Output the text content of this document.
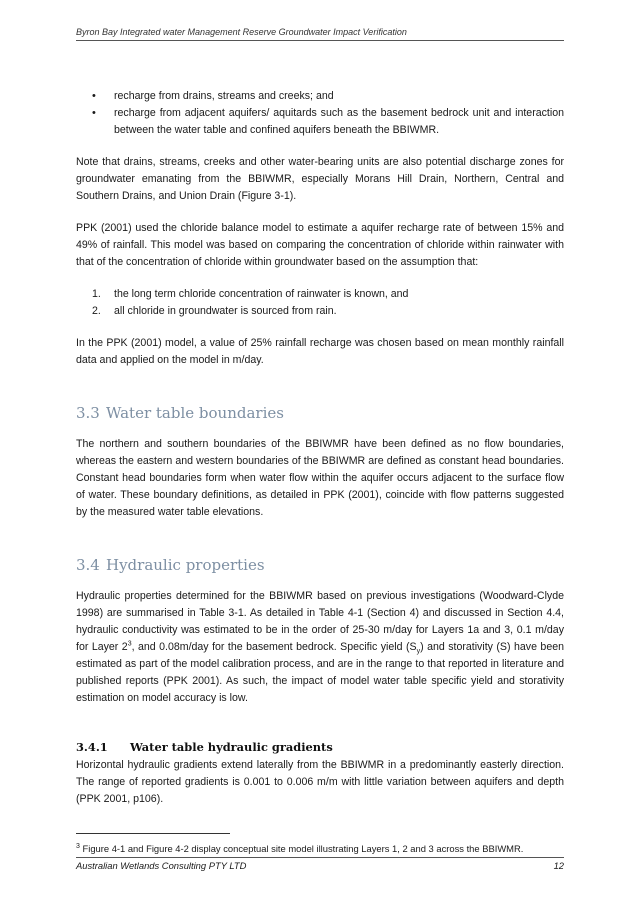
Byron Bay Integrated water Management Reserve Groundwater Impact Verification
• recharge from drains, streams and creeks; and
• recharge from adjacent aquifers/ aquitards such as the basement bedrock unit and interaction between the water table and confined aquifers beneath the BBIWMR.

Note that drains, streams, creeks and other water-bearing units are also potential discharge zones for groundwater emanating from the BBIWMR, especially Morans Hill Drain, Northern, Central and Southern Drains, and Union Drain (Figure 3-1).

PPK (2001) used the chloride balance model to estimate a aquifer recharge rate of between 15% and 49% of rainfall. This model was based on comparing the concentration of chloride within rainwater with that of the concentration of chloride within groundwater based on the assumption that:

1. the long term chloride concentration of rainwater is known, and
2. all chloride in groundwater is sourced from rain.

In the PPK (2001) model, a value of 25% rainfall recharge was chosen based on mean monthly rainfall data and applied on the model in m/day.

3.3 Water table boundaries

The northern and southern boundaries of the BBIWMR have been defined as no flow boundaries, whereas the eastern and western boundaries of the BBIWMR are defined as constant head boundaries. Constant head boundaries form when water flow within the aquifer occurs adjacent to the surface flow of water. These boundary definitions, as detailed in PPK (2001), coincide with flow patterns suggested by the measured water table elevations.

3.4 Hydraulic properties

Hydraulic properties determined for the BBIWMR based on previous investigations (Woodward-Clyde 1998) are summarised in Table 3-1. As detailed in Table 4-1 (Section 4) and discussed in Section 4.4, hydraulic conductivity was estimated to be in the order of 25-30 m/day for Layers 1a and 3, 0.1 m/day for Layer $2^3$, and 0.08m/day for the basement bedrock. Specific yield $(S_y)$ and storativity (S) have been estimated as part of the model calibration process, and are in the range to that reported in literature and published reports (PPK 2001). As such, the impact of model water table specific yield and storativity estimation on model accuracy is low.

3.4.1 Water table hydraulic gradients

Horizontal hydraulic gradients extend laterally from the BBIWMR in a predominantly easterly direction. The range of reported gradients is 0.001 to 0.006 m/m with little variation between aquifers and depth (PPK 2001, p106).

$^3$ Figure 4-1 and Figure 4-2 display conceptual site model illustrating Layers 1, 2 and 3 across the BBIWMR.
Australian Wetlands Consulting PTY LTD	12
